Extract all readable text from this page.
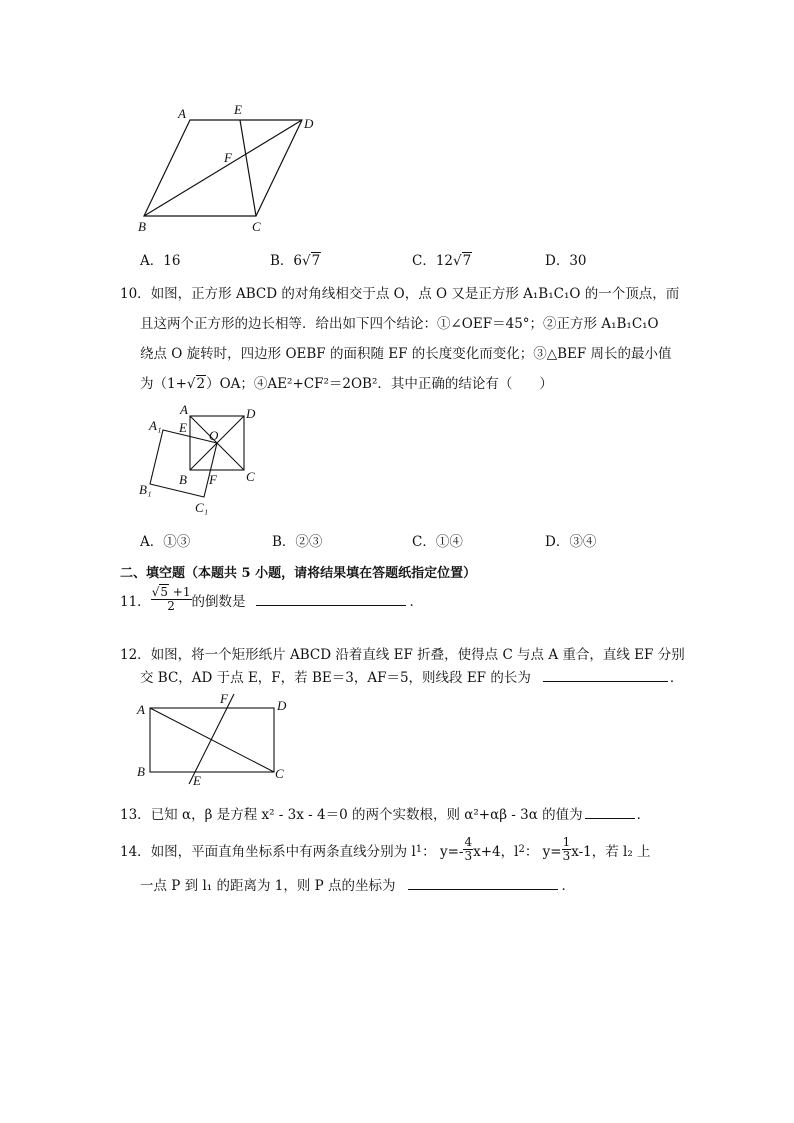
A	E
D
F
B	C
A．16	B．6√7	C．12√7	D．30
10．如图，正方形 ABCD 的对角线相交于点 O，点 O 又是正方形 A₁B₁C₁O 的一个顶点，而
且这两个正方形的边长相等．给出如下四个结论：①∠OEF＝45°；②正方形 A₁B₁C₁O
绕点 O 旋转时，四边形 OEBF 的面积随 EF 的长度变化而变化；③△BEF 周长的最小值
为（1+√2）OA；④AE²+CF²＝2OB²．其中正确的结论有（　　）
A	D
A₁ E
O
C
B F
B₁
C₁
A．①③	B．②③	C．①④	D．③④
二、填空题（本题共 5 小题，请将结果填在答题纸指定位置）
11． $\frac{√5 +1}{2}$ 的倒数是	．
12．如图，将一个矩形纸片 ABCD 沿着直线 EF 折叠，使得点 C 与点 A 重合，直线 EF 分别
交 BC，AD 于点 E，F，若 BE＝3，AF＝5，则线段 EF 的长为	．
A
F	D
B
E	C
13．已知 α，β 是方程 x² - 3x - 4＝0 的两个实数根，则 α²+αβ - 3α 的值为	．
14． 如图，平面直角坐标系中有两条直线分别为 l 1 ： $y=- \frac{4}{3} x+4$，l 2 ： $y= \frac{1}{3} x-1$，若 l₂ 上
一点 P 到 l₁ 的距离为 1，则 P 点的坐标为	．
